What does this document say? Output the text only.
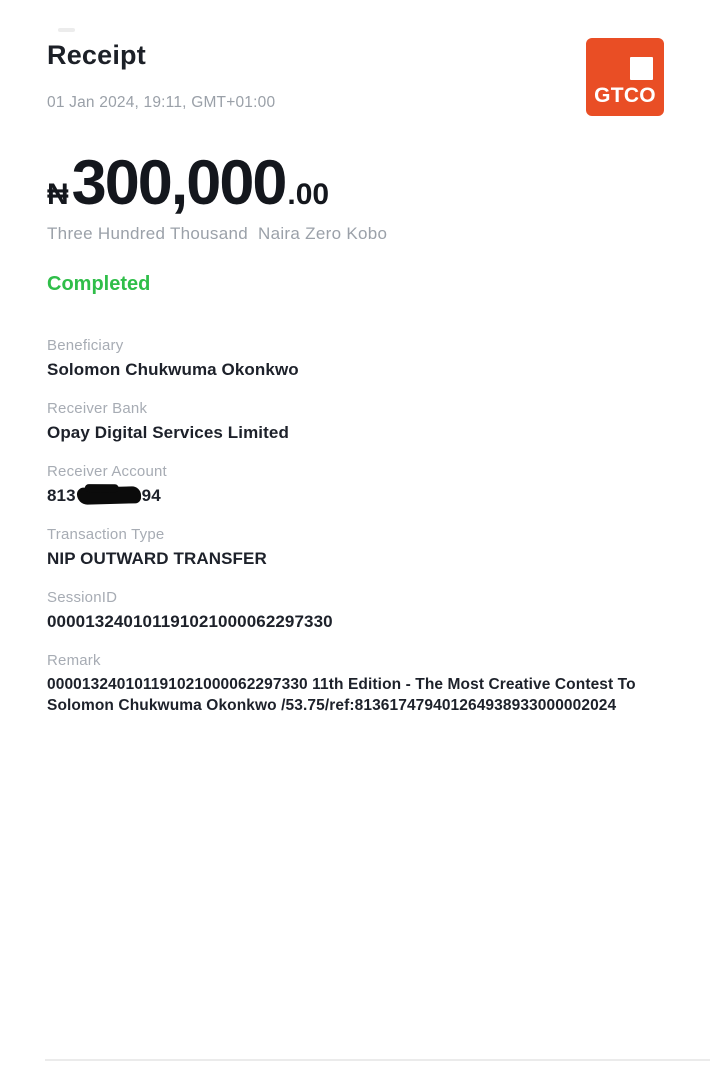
Receipt

01 Jan 2024, 19:11, GMT+01:00	GTCO
₦ 300,000 .00
Three Hundred Thousand  Naira Zero Kobo
Completed
Beneficiary
Solomon Chukwuma Okonkwo
Receiver Bank
Opay Digital Services Limited
Receiver Account
813	94
Transaction Type
NIP OUTWARD TRANSFER
SessionID
000013240101191021000062297330
Remark
000013240101191021000062297330 11th Edition - The Most Creative Contest To Solomon Chukwuma Okonkwo /53.75/ref:813617479401264938933000002024
